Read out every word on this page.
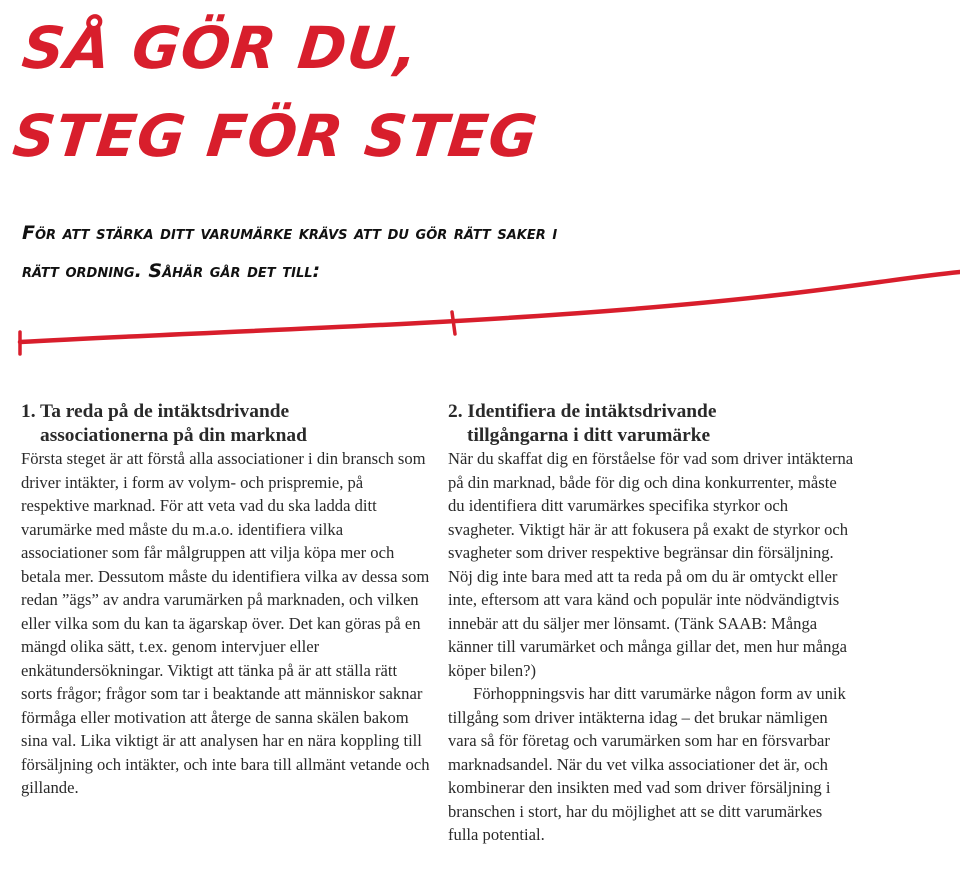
SÅ GÖR DU,
STEG FÖR STEG
För att stärka ditt varumärke krävs att du gör rätt saker i
rätt ordning. Såhär går det till:
1. Ta reda på de intäktsdrivande
associationerna på din marknad

Första steget är att förstå alla associationer i din bransch som driver intäkter, i form av volym- och prispremie, på respektive marknad. För att veta vad du ska ladda ditt varumärke med måste du m.a.o. identifiera vilka associationer som får målgruppen att vilja köpa mer och betala mer. Dessutom måste du identifiera vilka av dessa som redan ”ägs” av andra varumärken på marknaden, och vilken eller vilka som du kan ta ägarskap över. Det kan göras på en mängd olika sätt, t.ex. genom intervjuer eller enkätundersökningar. Viktigt att tänka på är att ställa rätt sorts frågor; frågor som tar i beaktande att människor saknar förmåga eller motivation att återge de sanna skälen bakom sina val. Lika viktigt är att analysen har en nära koppling till försäljning och intäkter, och inte bara till allmänt vetande och gillande.

2. Identifiera de intäktsdrivande
tillgångarna i ditt varumärke

När du skaffat dig en förståelse för vad som driver intäkterna på din marknad, både för dig och dina konkurrenter, måste du identifiera ditt varumärkes specifika styrkor och svagheter. Viktigt här är att fokusera på exakt de styrkor och svagheter som driver respektive begränsar din försäljning. Nöj dig inte bara med att ta reda på om du är omtyckt eller inte, eftersom att vara känd och populär inte nödvändigtvis innebär att du säljer mer lönsamt. (Tänk SAAB: Många känner till varumärket och många gillar det, men hur många köper bilen?)

Förhoppningsvis har ditt varumärke någon form av unik tillgång som driver intäkterna idag – det brukar nämligen vara så för företag och varumärken som har en försvarbar marknadsandel. När du vet vilka associationer det är, och kombinerar den insikten med vad som driver försäljning i branschen i stort, har du möjlighet att se ditt varumärkes fulla potential.
